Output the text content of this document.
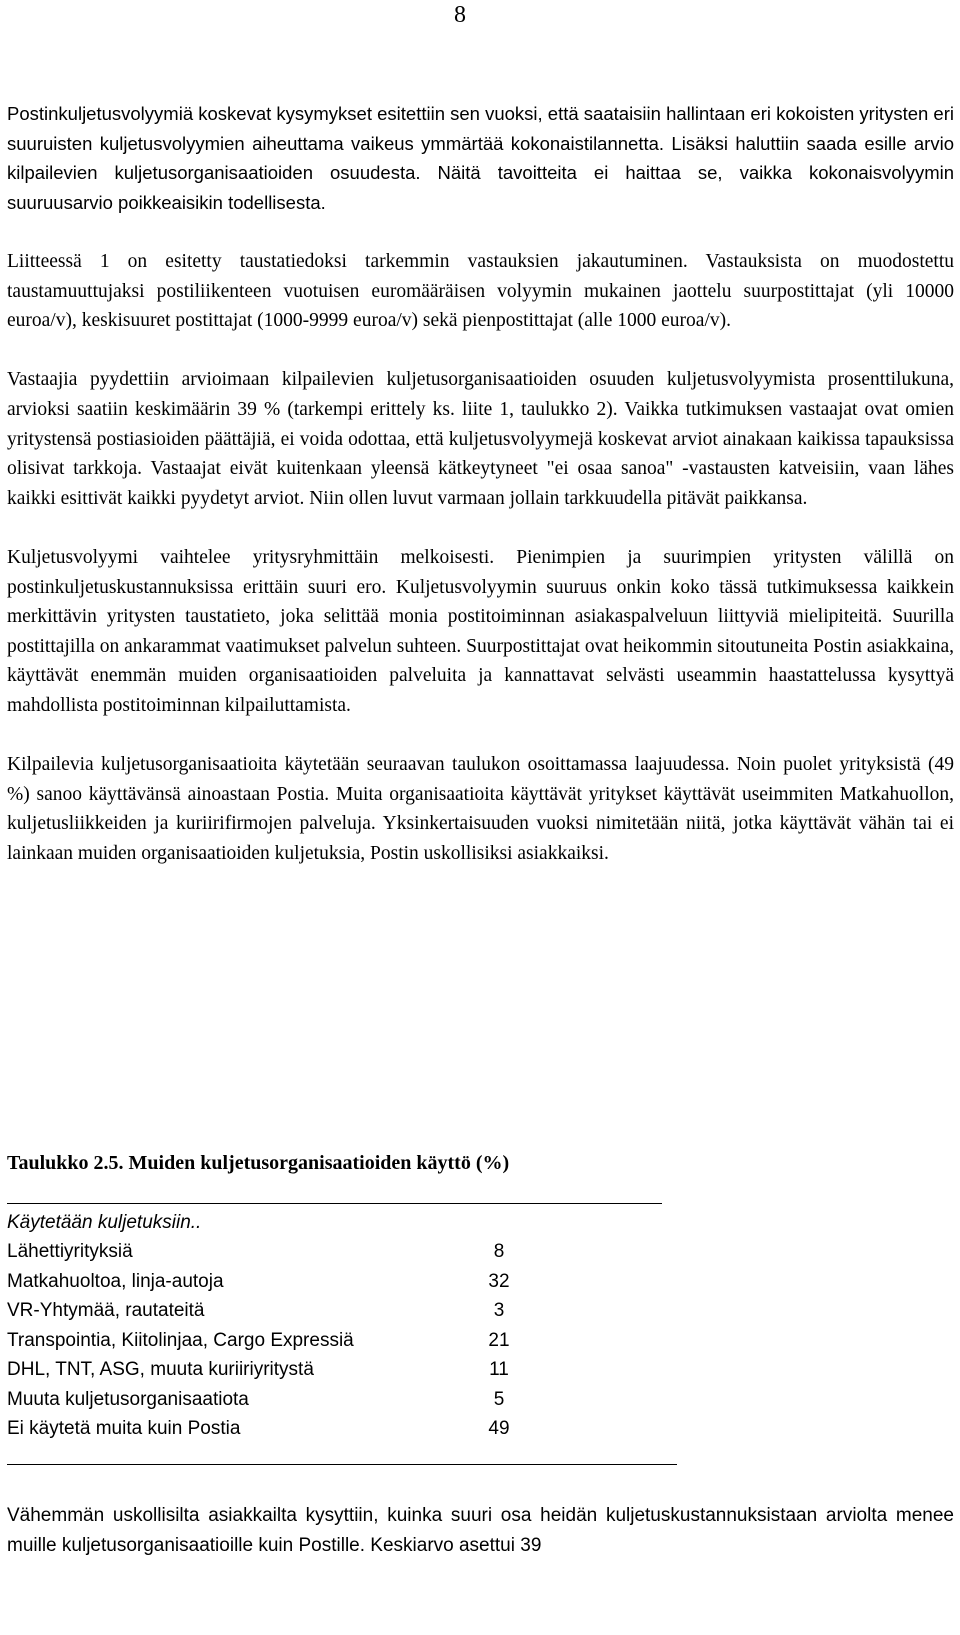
8

Postinkuljetusvolyymiä koskevat kysymykset esitettiin sen vuoksi, että saataisiin hallintaan eri kokoisten yritysten eri suuruisten kuljetusvolyymien aiheuttama vaikeus ymmärtää kokonaistilannetta. Lisäksi haluttiin saada esille arvio kilpailevien kuljetusorganisaatioiden osuudesta. Näitä tavoitteita ei haittaa se, vaikka kokonaisvolyymin suuruusarvio poikkeaisikin todellisesta.

Liitteessä 1 on esitetty taustatiedoksi tarkemmin vastauksien jakautuminen. Vastauksista on muodostettu taustamuuttujaksi postiliikenteen vuotuisen euromääräisen volyymin mukainen jaottelu suurpostittajat (yli 10000 euroa/v), keskisuuret postittajat (1000-9999 euroa/v) sekä pienpostittajat (alle 1000 euroa/v).

Vastaajia pyydettiin arvioimaan kilpailevien kuljetusorganisaatioiden osuuden kuljetusvolyymista prosenttilukuna, arvioksi saatiin keskimäärin 39 % (tarkempi erittely ks. liite 1, taulukko 2). Vaikka tutkimuksen vastaajat ovat omien yritystensä postiasioiden päättäjiä, ei voida odottaa, että kuljetusvolyymejä koskevat arviot ainakaan kaikissa tapauksissa olisivat tarkkoja. Vastaajat eivät kuitenkaan yleensä kätkeytyneet "ei osaa sanoa" -vastausten katveisiin, vaan lähes kaikki esittivät kaikki pyydetyt arviot. Niin ollen luvut varmaan jollain tarkkuudella pitävät paikkansa.

Kuljetusvolyymi vaihtelee yritysryhmittäin melkoisesti. Pienimpien ja suurimpien yritysten välillä on postinkuljetuskustannuksissa erittäin suuri ero. Kuljetusvolyymin suuruus onkin koko tässä tutkimuksessa kaikkein merkittävin yritysten taustatieto, joka selittää monia postitoiminnan asiakaspalveluun liittyviä mielipiteitä. Suurilla postittajilla on ankarammat vaatimukset palvelun suhteen. Suurpostittajat ovat heikommin sitoutuneita Postin asiakkaina, käyttävät enemmän muiden organisaatioiden palveluita ja kannattavat selvästi useammin haastattelussa kysyttyä mahdollista postitoiminnan kilpailuttamista.

Kilpailevia kuljetusorganisaatioita käytetään seuraavan taulukon osoittamassa laajuudessa. Noin puolet yrityksistä (49 %) sanoo käyttävänsä ainoastaan Postia. Muita organisaatioita käyttävät yritykset käyttävät useimmiten Matkahuollon, kuljetusliikkeiden ja kuriirifirmojen palveluja. Yksinkertaisuuden vuoksi nimitetään niitä, jotka käyttävät vähän tai ei lainkaan muiden organisaatioiden kuljetuksia, Postin uskollisiksi asiakkaiksi.

Taulukko 2.5. Muiden kuljetusorganisaatioiden käyttö (%)
Käytetään kuljetuksiin..
Lähettiyrityksiä	8
Matkahuoltoa, linja-autoja	32
VR-Yhtymää, rautateitä	3
Transpointia, Kiitolinjaa, Cargo Expressiä	21
DHL, TNT, ASG, muuta kuriiriyritystä	11
Muuta kuljetusorganisaatiota	5
Ei käytetä muita kuin Postia	49
Vähemmän uskollisilta asiakkailta kysyttiin, kuinka suuri osa heidän kuljetuskustannuksistaan arviolta menee muille kuljetusorganisaatioille kuin Postille. Keskiarvo asettui 39
